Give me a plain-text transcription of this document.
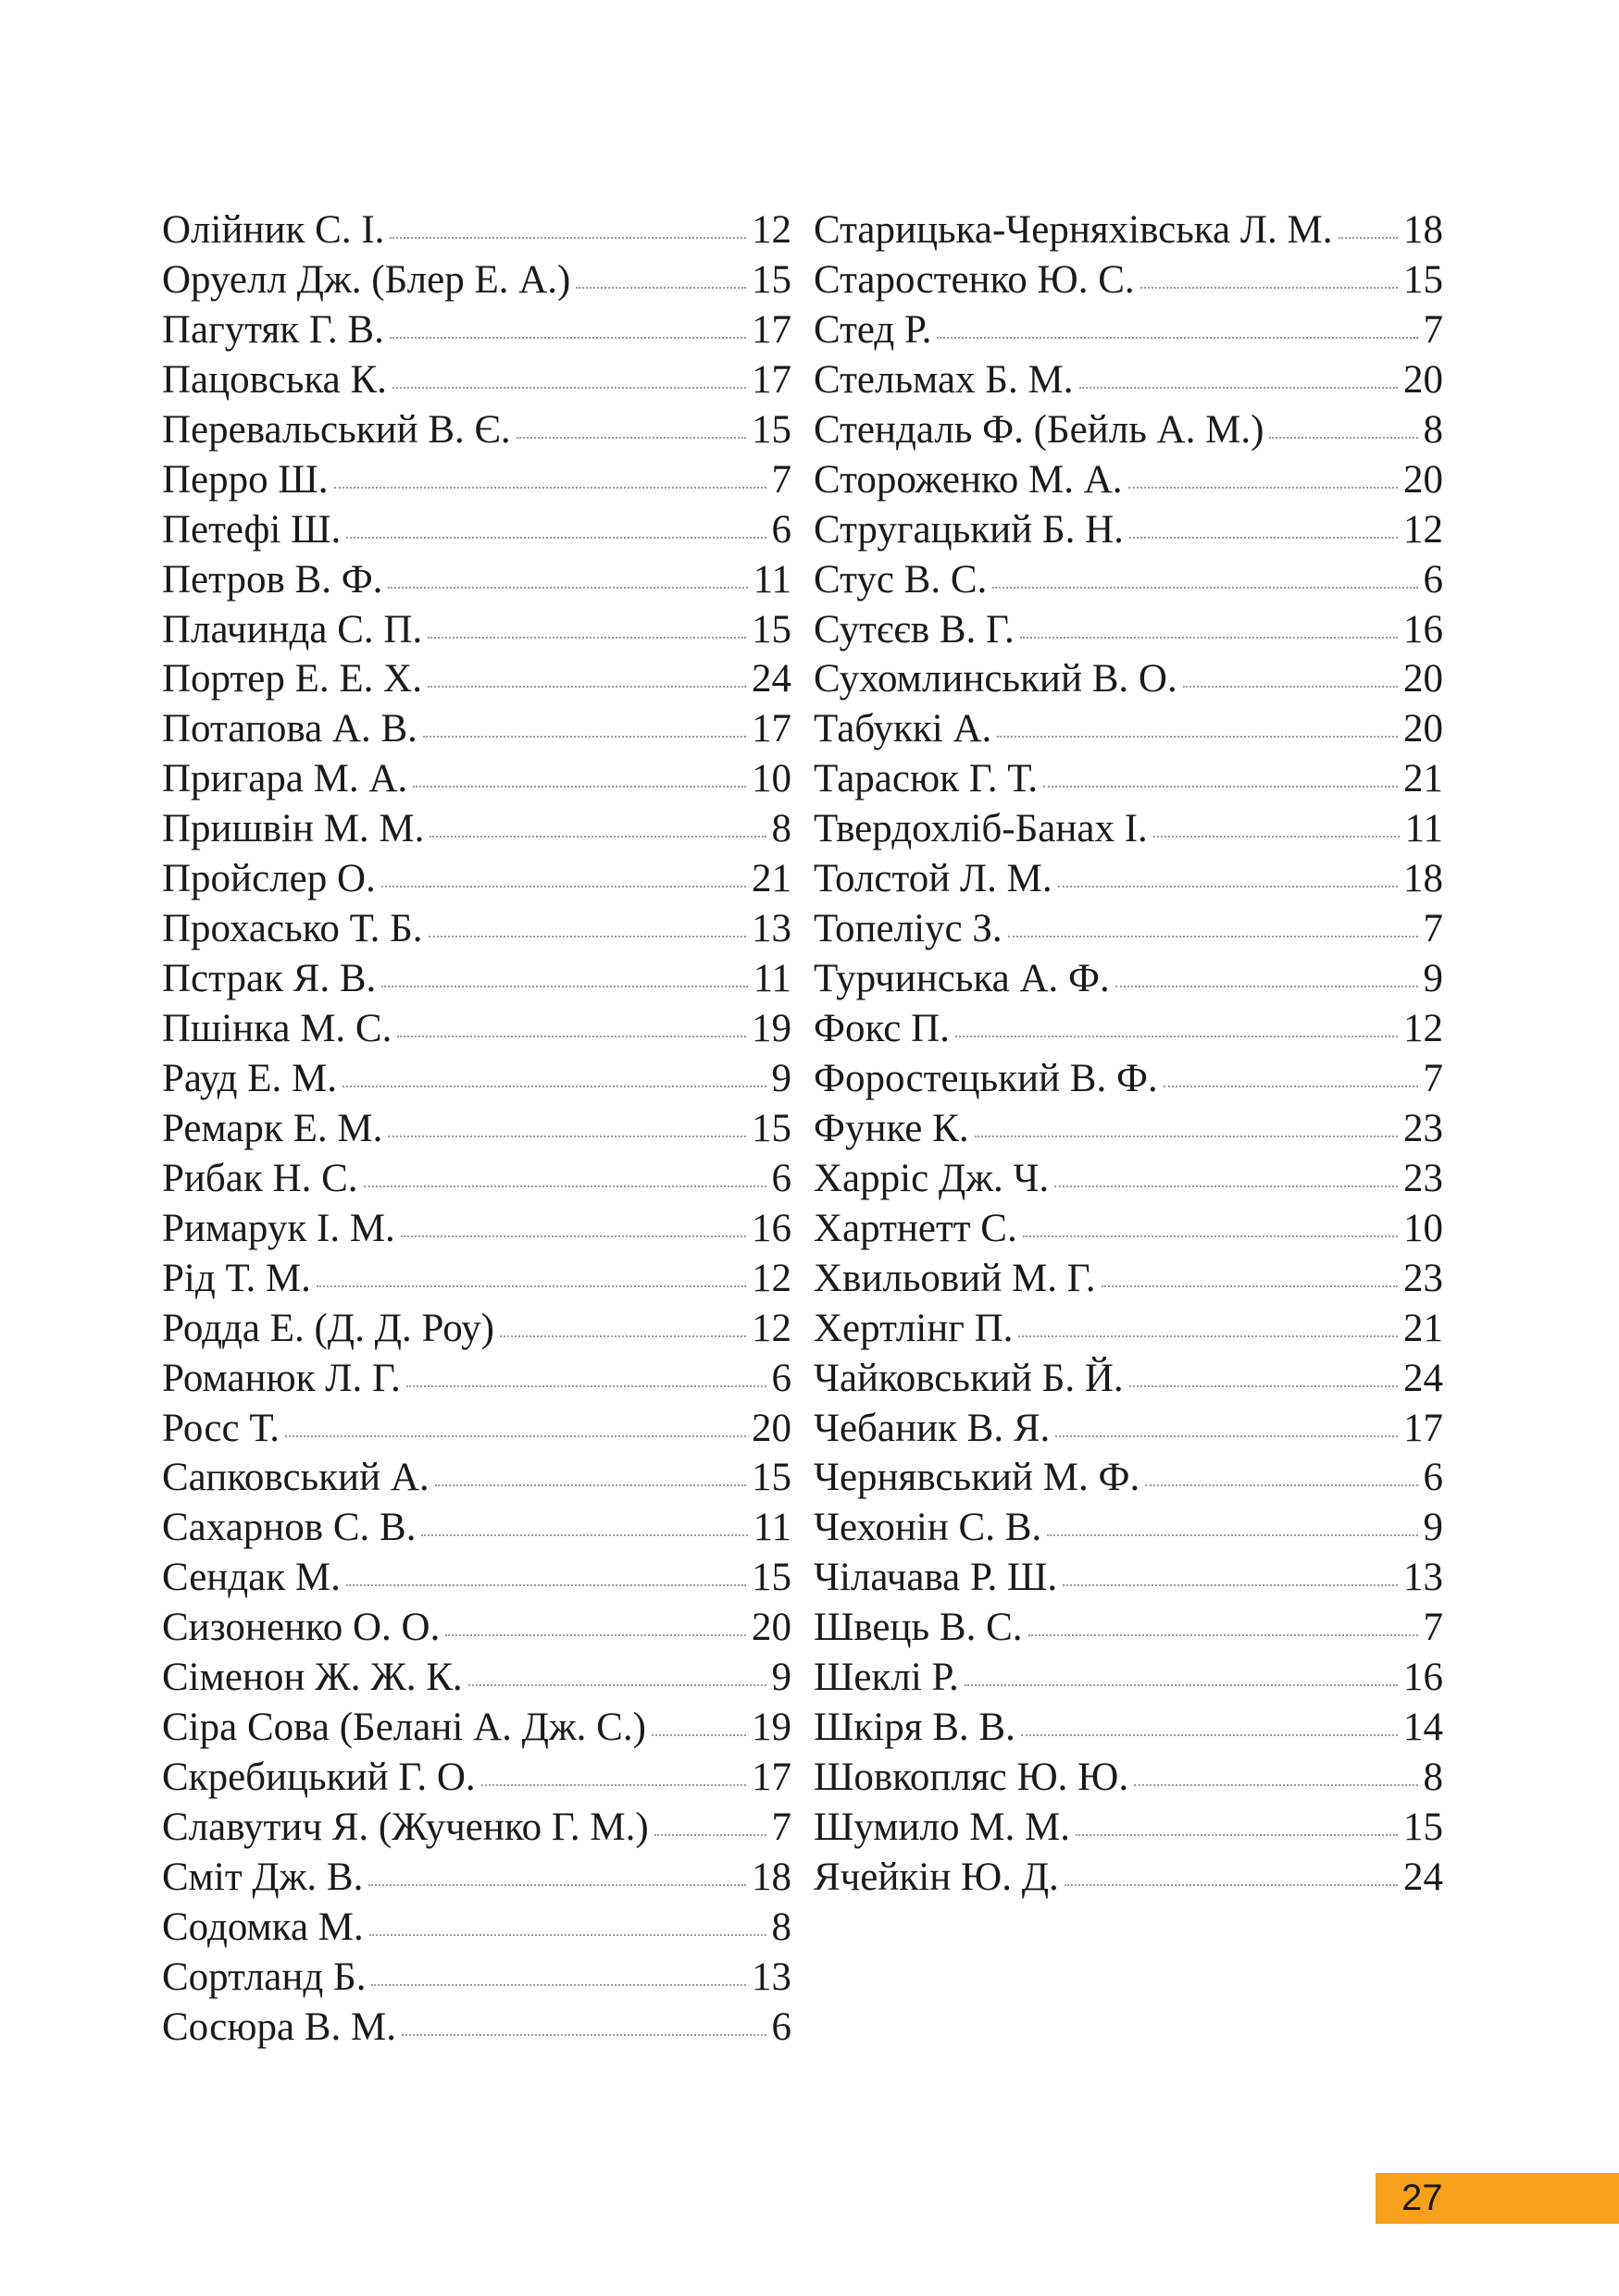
Олійник С. І.	12
Оруелл Дж. (Блер Е. А.)	15
Пагутяк Г. В.	17
Пацовська К.	17
Перевальський В. Є.	15
Перро Ш.	7
Петефі Ш.	6
Петров В. Ф.	11
Плачинда С. П.	15
Портер Е. Е. Х.	24
Потапова А. В.	17
Пригара М. А.	10
Пришвін М. М.	8
Пройслер О.	21
Прохасько Т. Б.	13
Пстрак Я. В.	11
Пшінка М. С.	19
Рауд Е. М.	9
Ремарк Е. М.	15
Рибак Н. С.	6
Римарук І. М.	16
Рід Т. М.	12
Родда Е. (Д. Д. Роу)	12
Романюк Л. Г.	6
Росс Т.	20
Сапковський А.	15
Сахарнов С. В.	11
Сендак М.	15
Сизоненко О. О.	20
Сіменон Ж. Ж. К.	9
Сіра Сова (Белані А. Дж. С.)	19
Скребицький Г. О.	17
Славутич Я. (Жученко Г. М.)	7
Сміт Дж. В.	18
Содомка М.	8
Сортланд Б.	13
Сосюра В. М.	6
Старицька-Черняхівська Л. М. 18
Старостенко Ю. С.	15
Стед Р.	7
Стельмах Б. М.	20
Стендаль Ф. (Бейль А. М.)	8
Стороженко М. А.	20
Стругацький Б. Н.	12
Стус В. С.	6
Сутєєв В. Г.	16
Сухомлинський В. О.	20
Табуккі А.	20
Тарасюк Г. Т.	21
Твердохліб-Банах І.	11
Толстой Л. М.	18
Топеліус З.	7
Турчинська А. Ф.	9
Фокс П.	12
Форостецький В. Ф.	7
Функе К.	23
Харріс Дж. Ч.	23
Хартнетт С.	10
Хвильовий М. Г.	23
Хертлінг П.	21
Чайковський Б. Й.	24
Чебаник В. Я.	17
Чернявський М. Ф.	6
Чехонін С. В.	9
Чілачава Р. Ш.	13
Швець В. С.	7
Шеклі Р.	16
Шкіря В. В.	14
Шовкопляс Ю. Ю.	8
Шумило М. М.	15
Ячейкін Ю. Д.	24
27
